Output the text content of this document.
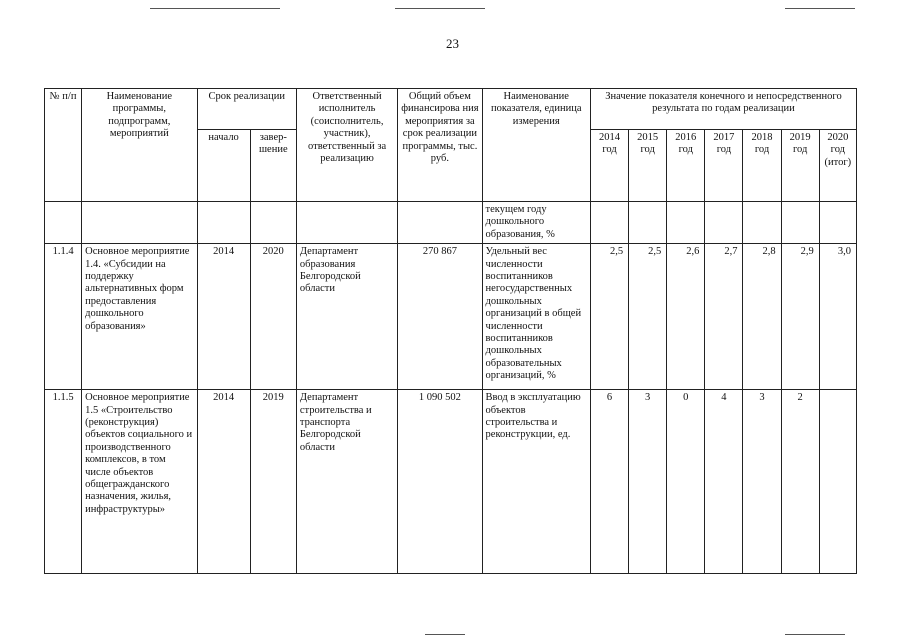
23
№ п/п	Наименование программы, подпрограмм, мероприятий	Срок реализации		Ответственный исполнитель (соисполнитель, участник), ответственный за реализацию	Общий объем финансирова ния мероприятия за срок реализации программы, тыс. руб.	Наименование показателя, единица измерения	Значение показателя конечного и непосредственного результата по годам реализации						
		начало	завер-шение				2014 год	2015 год	2016 год	2017 год	2018 год	2019 год	2020 год (итог)
						текущем году дошкольного образования, %							
1.1.4	Основное мероприятие 1.4. «Субсидии на поддержку альтернативных форм предоставления дошкольного образования»	2014	2020	Департамент образования Белгородской области	270 867	Удельный вес численности воспитанников негосударственных дошкольных организаций в общей численности воспитанников дошкольных образовательных организаций, %	2,5	2,5	2,6	2,7	2,8	2,9	3,0
1.1.5	Основное мероприятие 1.5 «Строительство (реконструкция) объектов социального и производственного комплексов, в том числе объектов общегражданского назначения, жилья, инфраструктуры»	2014	2019	Департамент строительства и транспорта Белгородской области	1 090 502	Ввод в эксплуатацию объектов строительства и реконструкции, ед.	6	3	0	4	3	2	
